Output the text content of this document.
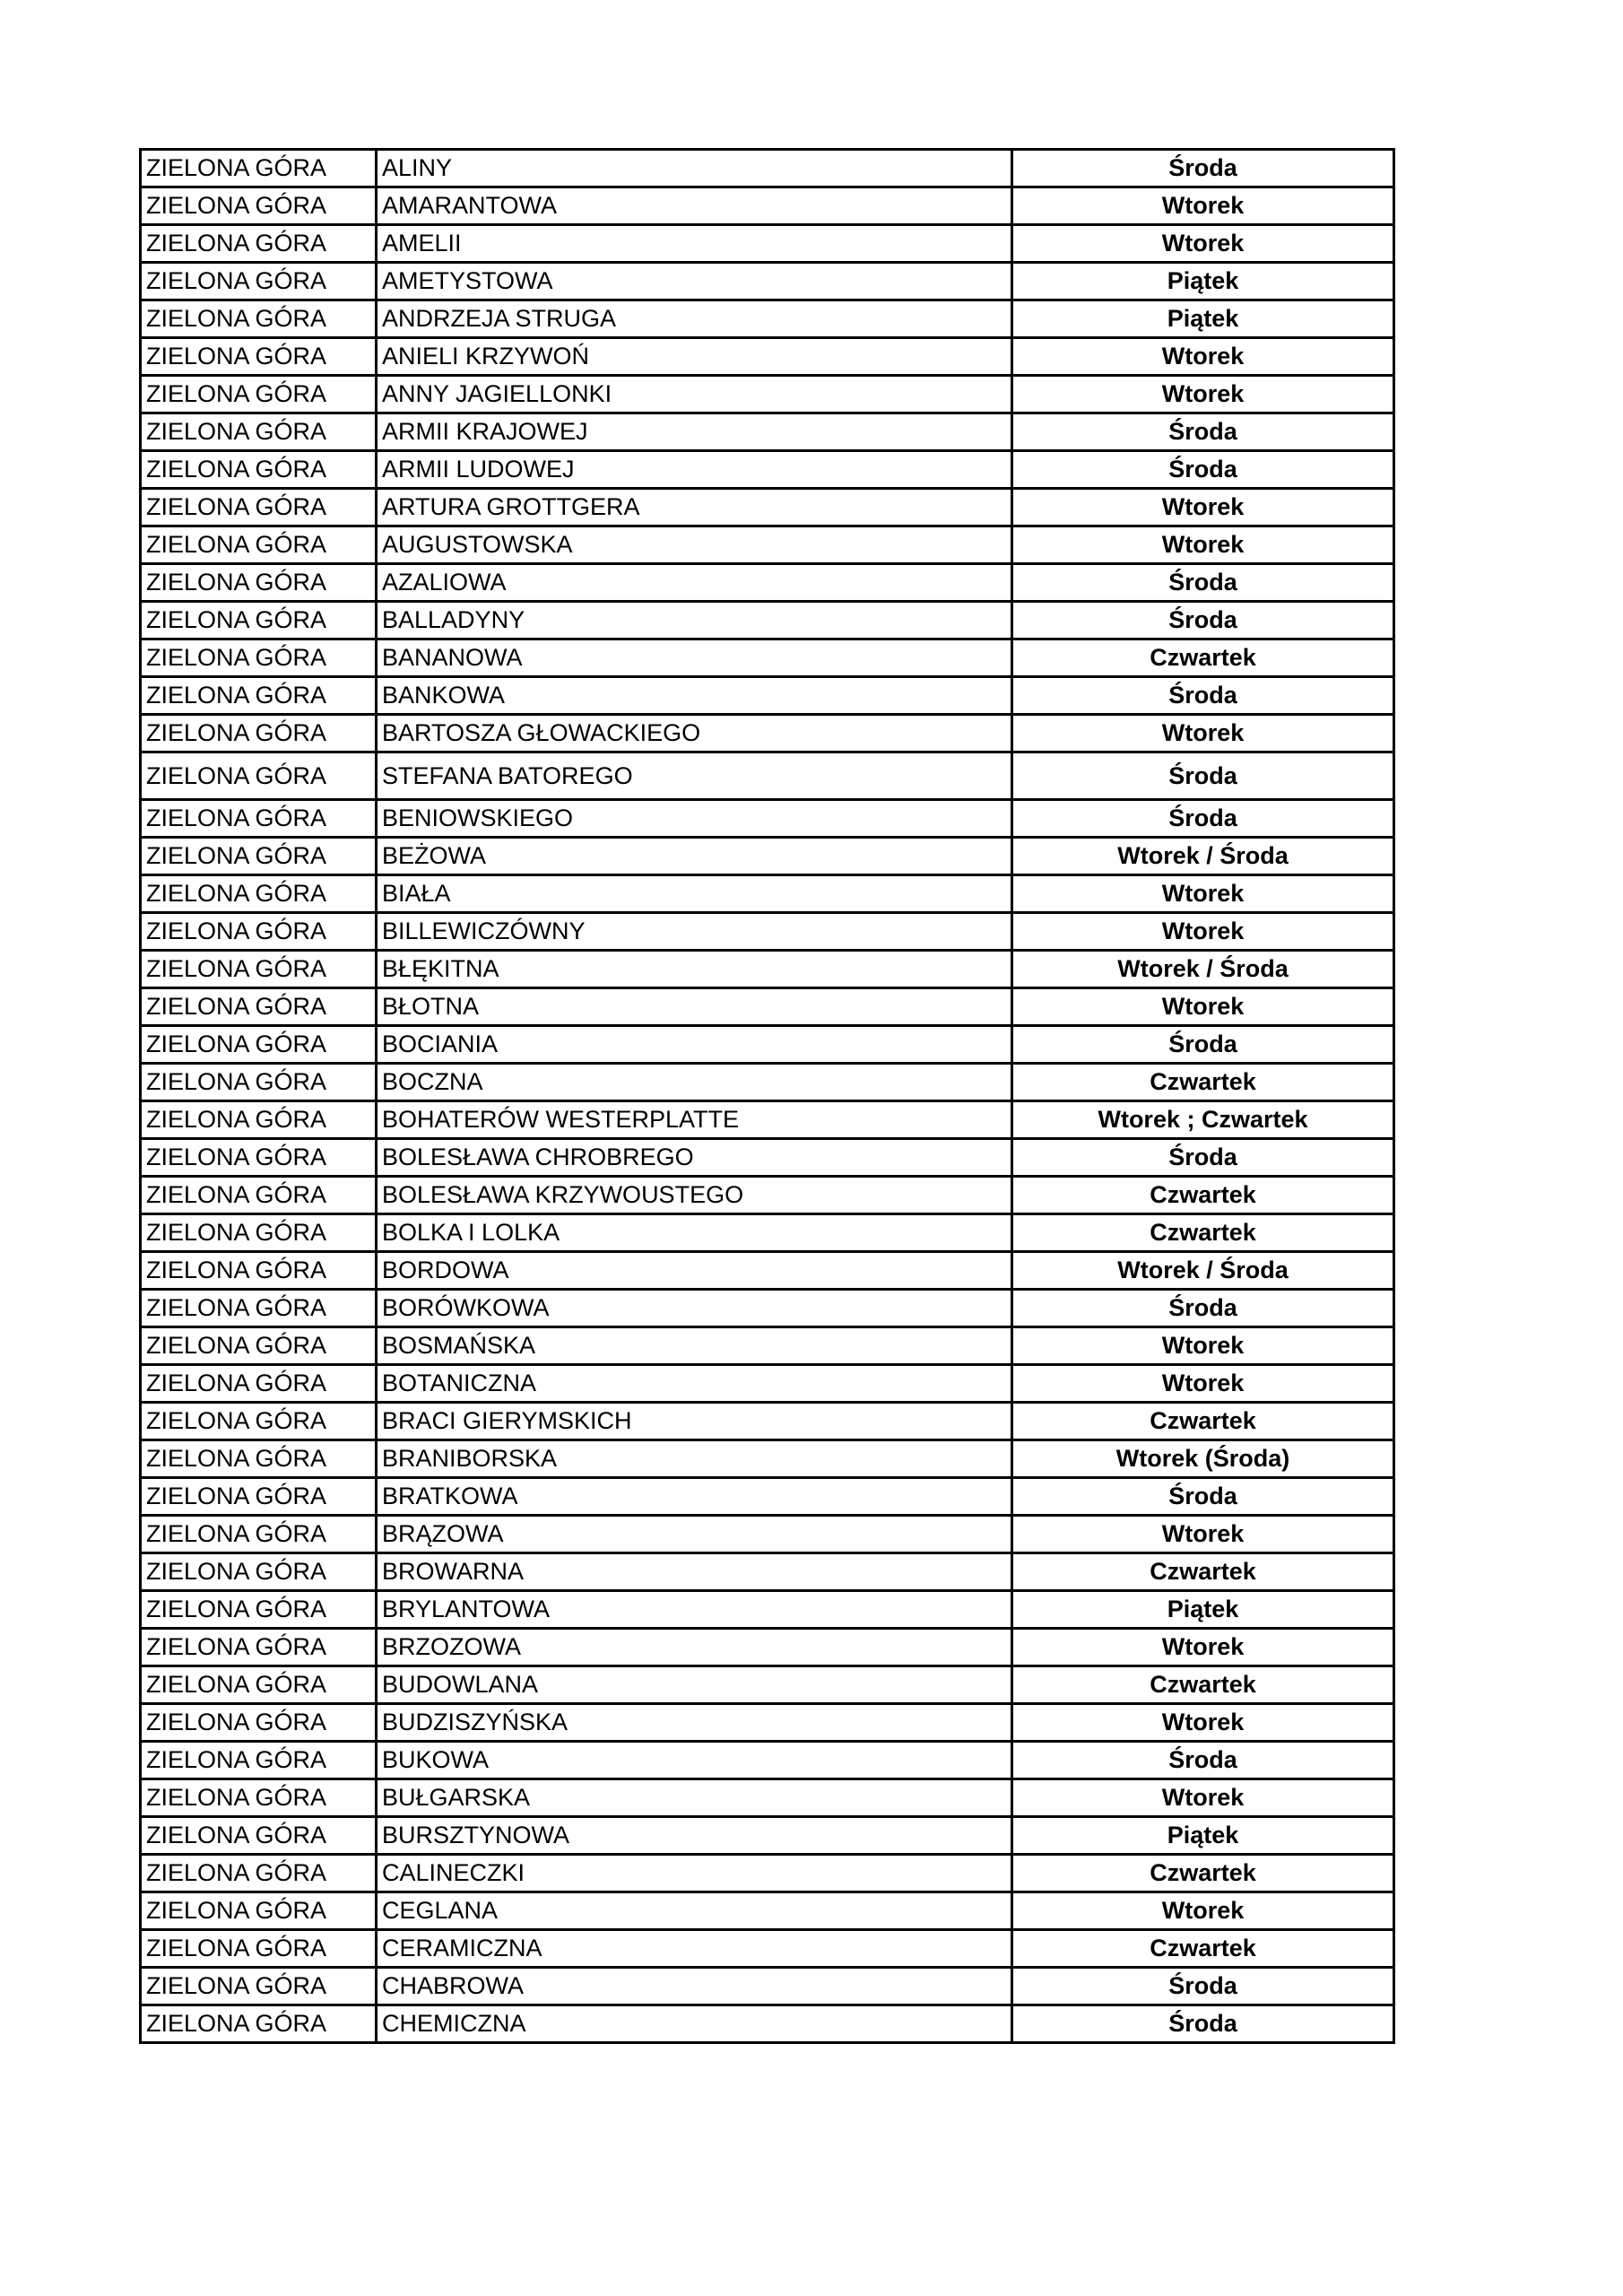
ZIELONA GÓRA	ALINY	Środa
ZIELONA GÓRA	AMARANTOWA	Wtorek
ZIELONA GÓRA	AMELII	Wtorek
ZIELONA GÓRA	AMETYSTOWA	Piątek
ZIELONA GÓRA	ANDRZEJA STRUGA	Piątek
ZIELONA GÓRA	ANIELI KRZYWOŃ	Wtorek
ZIELONA GÓRA	ANNY JAGIELLONKI	Wtorek
ZIELONA GÓRA	ARMII KRAJOWEJ	Środa
ZIELONA GÓRA	ARMII LUDOWEJ	Środa
ZIELONA GÓRA	ARTURA GROTTGERA	Wtorek
ZIELONA GÓRA	AUGUSTOWSKA	Wtorek
ZIELONA GÓRA	AZALIOWA	Środa
ZIELONA GÓRA	BALLADYNY	Środa
ZIELONA GÓRA	BANANOWA	Czwartek
ZIELONA GÓRA	BANKOWA	Środa
ZIELONA GÓRA	BARTOSZA GŁOWACKIEGO	Wtorek
ZIELONA GÓRA	STEFANA BATOREGO	Środa
ZIELONA GÓRA	BENIOWSKIEGO	Środa
ZIELONA GÓRA	BEŻOWA	Wtorek / Środa
ZIELONA GÓRA	BIAŁA	Wtorek
ZIELONA GÓRA	BILLEWICZÓWNY	Wtorek
ZIELONA GÓRA	BŁĘKITNA	Wtorek / Środa
ZIELONA GÓRA	BŁOTNA	Wtorek
ZIELONA GÓRA	BOCIANIA	Środa
ZIELONA GÓRA	BOCZNA	Czwartek
ZIELONA GÓRA	BOHATERÓW WESTERPLATTE	Wtorek ; Czwartek
ZIELONA GÓRA	BOLESŁAWA CHROBREGO	Środa
ZIELONA GÓRA	BOLESŁAWA KRZYWOUSTEGO	Czwartek
ZIELONA GÓRA	BOLKA I LOLKA	Czwartek
ZIELONA GÓRA	BORDOWA	Wtorek / Środa
ZIELONA GÓRA	BORÓWKOWA	Środa
ZIELONA GÓRA	BOSMAŃSKA	Wtorek
ZIELONA GÓRA	BOTANICZNA	Wtorek
ZIELONA GÓRA	BRACI GIERYMSKICH	Czwartek
ZIELONA GÓRA	BRANIBORSKA	Wtorek (Środa)
ZIELONA GÓRA	BRATKOWA	Środa
ZIELONA GÓRA	BRĄZOWA	Wtorek
ZIELONA GÓRA	BROWARNA	Czwartek
ZIELONA GÓRA	BRYLANTOWA	Piątek
ZIELONA GÓRA	BRZOZOWA	Wtorek
ZIELONA GÓRA	BUDOWLANA	Czwartek
ZIELONA GÓRA	BUDZISZYŃSKA	Wtorek
ZIELONA GÓRA	BUKOWA	Środa
ZIELONA GÓRA	BUŁGARSKA	Wtorek
ZIELONA GÓRA	BURSZTYNOWA	Piątek
ZIELONA GÓRA	CALINECZKI	Czwartek
ZIELONA GÓRA	CEGLANA	Wtorek
ZIELONA GÓRA	CERAMICZNA	Czwartek
ZIELONA GÓRA	CHABROWA	Środa
ZIELONA GÓRA	CHEMICZNA	Środa
